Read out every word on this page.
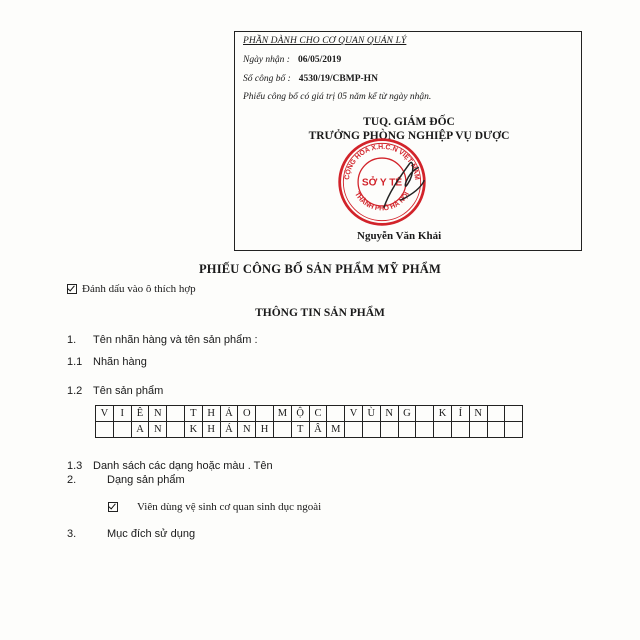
PHẦN DÀNH CHO CƠ QUAN QUẢN LÝ
Ngày nhận : 06/05/2019
Số công bố : 4530/19/CBMP-HN
Phiếu công bố có giá trị 05 năm kể từ ngày nhận.
TUQ. GIÁM ĐỐC
TRƯỞNG PHÒNG NGHIỆP VỤ DƯỢC
CỘNG HÒA X.H.C.N VIỆT NAM
THÀNH PHỐ HÀ NỘI
SỞ Y TẾ
Nguyễn Văn Khải
PHIẾU CÔNG BỐ SẢN PHẨM MỸ PHẨM
Đánh dấu vào ô thích hợp
THÔNG TIN SẢN PHẨM
1. Tên nhãn hàng và tên sản phẩm :
1.1 Nhãn hàng
1.2 Tên sản phẩm
V	I	Ê	N		T	H	Ả	O		M	Ộ	C		V	Ù	N	G		K	Í	N		
		A	N		K	H	Á	N	H		T	Â	M										
1.3 Danh sách các dạng hoặc màu . Tên
2.	Dạng sản phẩm
Viên dùng vệ sinh cơ quan sinh dục ngoài
3.	Mục đích sử dụng
